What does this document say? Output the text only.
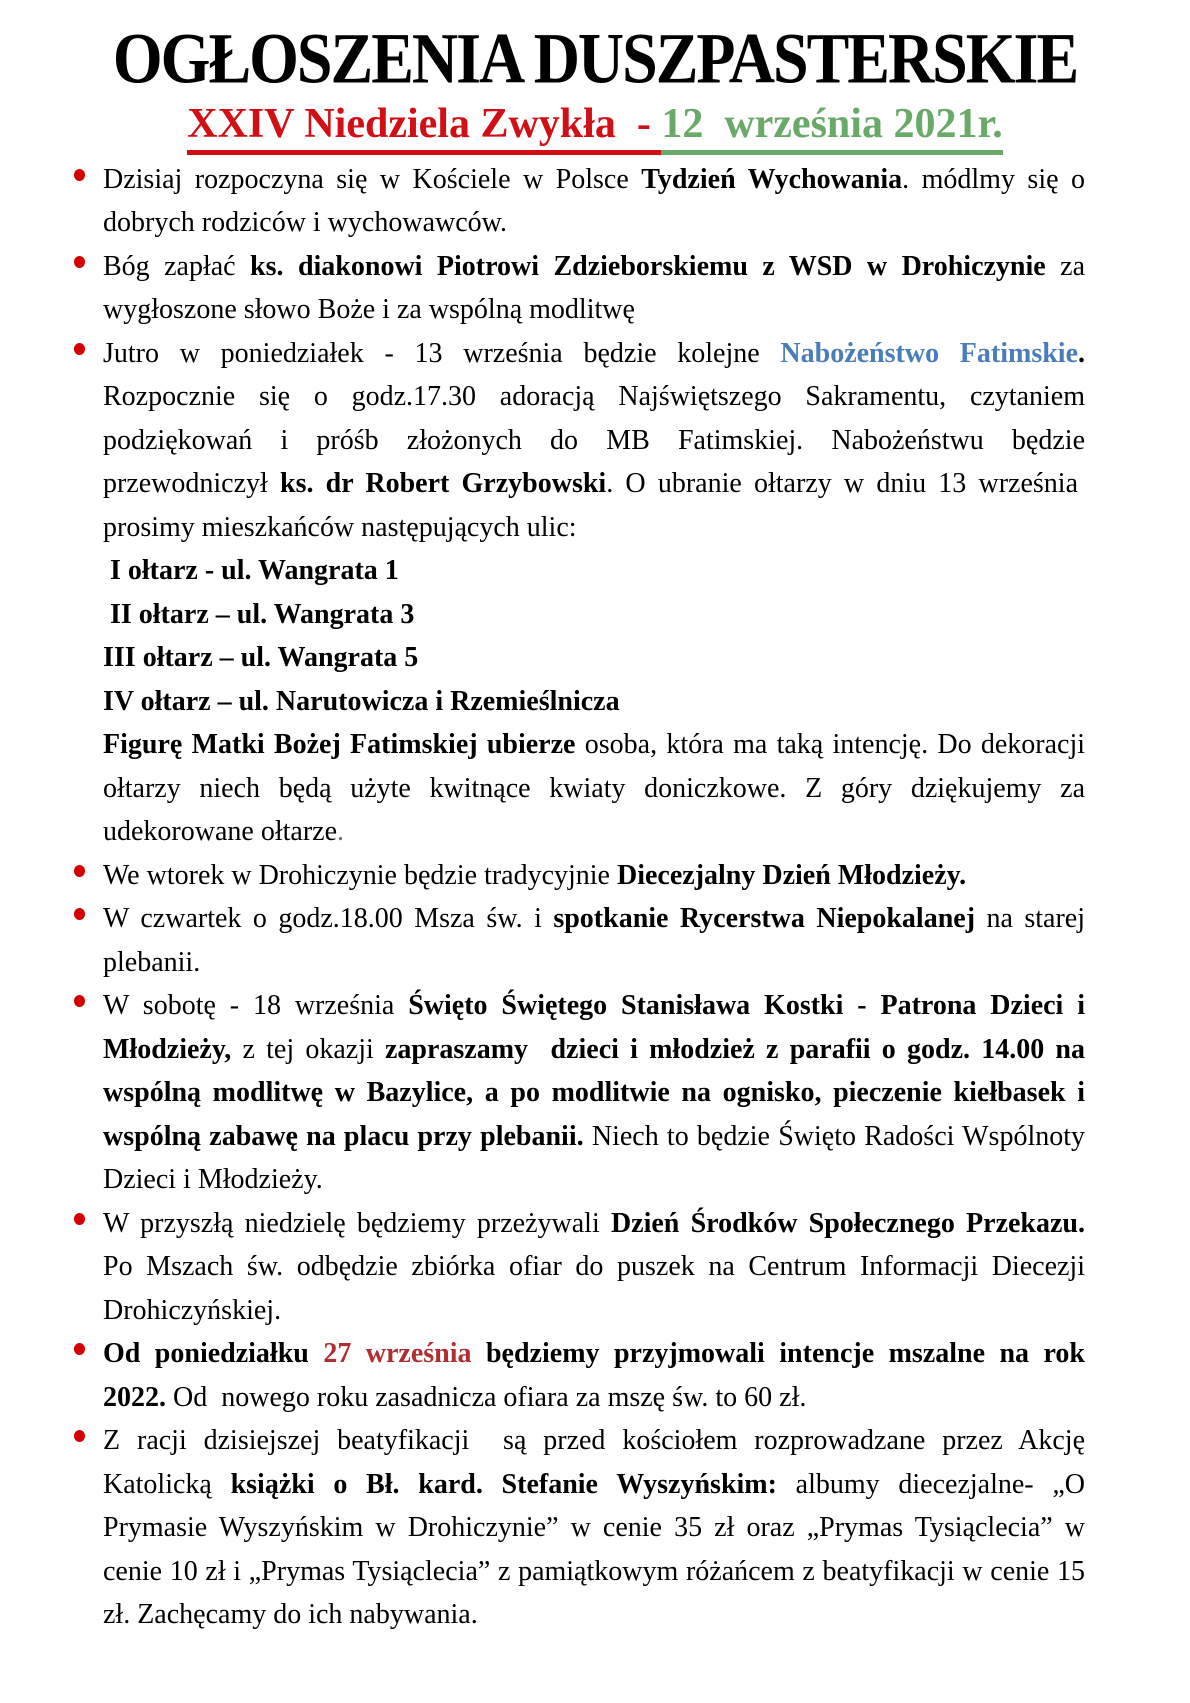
OGŁOSZENIA DUSZPASTERSKIE
XXIV Niedziela Zwykła  - 12  września 2021r.
Dzisiaj rozpoczyna się w Kościele w Polsce Tydzień Wychowania. módlmy się o dobrych rodziców i wychowawców.
Bóg zapłać ks. diakonowi Piotrowi Zdzieborskiemu z WSD w Drohiczynie za wygłoszone słowo Boże i za wspólną modlitwę
Jutro w poniedziałek - 13 września będzie kolejne Nabożeństwo Fatimskie. Rozpocznie się o godz.17.30 adoracją Najświętszego Sakramentu, czytaniem podziękowań i próśb złożonych do MB Fatimskiej. Nabożeństwu będzie przewodniczył ks. dr Robert Grzybowski. O ubranie ołtarzy w dniu 13 września  prosimy mieszkańców następujących ulic:
I ołtarz - ul. Wangrata 1
II ołtarz – ul. Wangrata 3
III ołtarz – ul. Wangrata 5
IV ołtarz – ul. Narutowicza i Rzemieślnicza
Figurę Matki Bożej Fatimskiej ubierze osoba, która ma taką intencję. Do dekoracji ołtarzy niech będą użyte kwitnące kwiaty doniczkowe. Z góry dziękujemy za udekorowane ołtarze.
We wtorek w Drohiczynie będzie tradycyjnie Diecezjalny Dzień Młodzieży.
W czwartek o godz.18.00 Msza św. i spotkanie Rycerstwa Niepokalanej na starej plebanii.
W sobotę - 18 września Święto Świętego Stanisława Kostki - Patrona Dzieci i Młodzieży, z tej okazji zapraszamy  dzieci i młodzież z parafii o godz. 14.00 na wspólną modlitwę w Bazylice, a po modlitwie na ognisko, pieczenie kiełbasek i wspólną zabawę na placu przy plebanii. Niech to będzie Święto Radości Wspólnoty Dzieci i Młodzieży.
W przyszłą niedzielę będziemy przeżywali Dzień Środków Społecznego Przekazu. Po Mszach św. odbędzie zbiórka ofiar do puszek na Centrum Informacji Diecezji Drohiczyńskiej.
Od poniedziałku 27 września będziemy przyjmowali intencje mszalne na rok 2022. Od  nowego roku zasadnicza ofiara za mszę św. to 60 zł.
Z racji dzisiejszej beatyfikacji  są przed kościołem rozprowadzane przez Akcję Katolicką książki o Bł. kard. Stefanie Wyszyńskim: albumy diecezjalne- „O Prymasie Wyszyńskim w Drohiczynie” w cenie 35 zł oraz „Prymas Tysiąclecia” w cenie 10 zł i „Prymas Tysiąclecia” z pamiątkowym różańcem z beatyfikacji w cenie 15 zł. Zachęcamy do ich nabywania.
